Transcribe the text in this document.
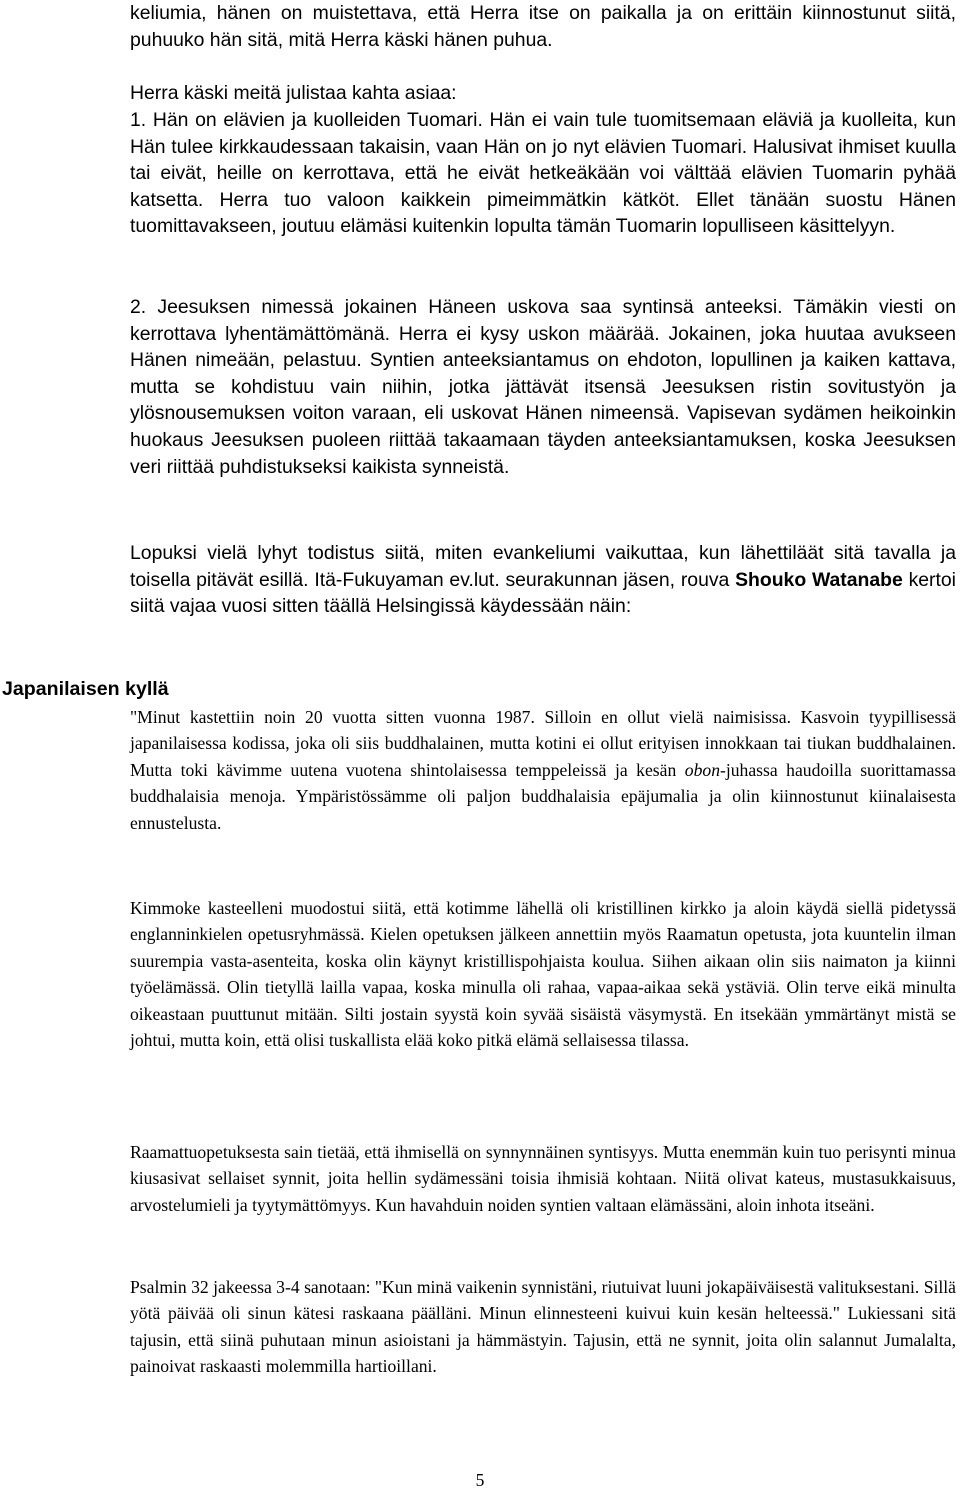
keliumia, hänen on muistettava, että Herra itse on paikalla ja on erittäin kiinnostunut siitä, puhuuko hän sitä, mitä Herra käski hänen puhua.

Herra käski meitä julistaa kahta asiaa:

1. Hän on elävien ja kuolleiden Tuomari. Hän ei vain tule tuomitsemaan eläviä ja kuolleita, kun Hän tulee kirkkaudessaan takaisin, vaan Hän on jo nyt elävien Tuomari. Halusivat ihmiset kuulla tai eivät, heille on kerrottava, että he eivät hetkeäkään voi välttää elävien Tuomarin pyhää katsetta. Herra tuo valoon kaikkein pimeimmätkin kätköt. Ellet tänään suostu Hänen tuomittavakseen, joutuu elämäsi kuitenkin lopulta tämän Tuomarin lopulliseen käsittelyyn.

2. Jeesuksen nimessä jokainen Häneen uskova saa syntinsä anteeksi. Tämäkin viesti on kerrottava lyhentämättömänä. Herra ei kysy uskon määrää. Jokainen, joka huutaa avukseen Hänen nimeään, pelastuu. Syntien anteeksiantamus on ehdoton, lopullinen ja kaiken kattava, mutta se kohdistuu vain niihin, jotka jättävät itsensä Jeesuksen ristin sovitustyön ja ylösnousemuksen voiton varaan, eli uskovat Hänen nimeensä. Vapisevan sydämen heikoinkin huokaus Jeesuksen puoleen riittää takaamaan täyden anteeksiantamuksen, koska Jeesuksen veri riittää puhdistukseksi kaikista synneistä.

Lopuksi vielä lyhyt todistus siitä, miten evankeliumi vaikuttaa, kun lähettiläät sitä tavalla ja toisella pitävät esillä. Itä-Fukuyaman ev.lut. seurakunnan jäsen, rouva Shouko Watanabe kertoi siitä vajaa vuosi sitten täällä Helsingissä käydessään näin:

Japanilaisen kyllä

"Minut kastettiin noin 20 vuotta sitten vuonna 1987. Silloin en ollut vielä naimisissa. Kasvoin tyypillisessä japanilaisessa kodissa, joka oli siis buddhalainen, mutta kotini ei ollut erityisen innokkaan tai tiukan buddhalainen. Mutta toki kävimme uutena vuotena shintolaisessa temppeleissä ja kesän obon-juhassa haudoilla suorittamassa buddhalaisia menoja. Ympäristössämme oli paljon buddhalaisia epäjumalia ja olin kiinnostunut kiinalaisesta ennustelusta.

Kimmoke kasteelleni muodostui siitä, että kotimme lähellä oli kristillinen kirkko ja aloin käydä siellä pidetyssä englanninkielen opetusryhmässä. Kielen opetuksen jälkeen annettiin myös Raamatun opetusta, jota kuuntelin ilman suurempia vasta-asenteita, koska olin käynyt kristillispohjaista koulua. Siihen aikaan olin siis naimaton ja kiinni työelämässä. Olin tietyllä lailla vapaa, koska minulla oli rahaa, vapaa-aikaa sekä ystäviä. Olin terve eikä minulta oikeastaan puuttunut mitään. Silti jostain syystä koin syvää sisäistä väsymystä. En itsekään ymmärtänyt mistä se johtui, mutta koin, että olisi tuskallista elää koko pitkä elämä sellaisessa tilassa.

Raamattuopetuksesta sain tietää, että ihmisellä on synnynnäinen syntisyys. Mutta enemmän kuin tuo perisynti minua kiusasivat sellaiset synnit, joita hellin sydämessäni toisia ihmisiä kohtaan. Niitä olivat kateus, mustasukkaisuus, arvostelumieli ja tyytymättömyys. Kun havahduin noiden syntien valtaan elämässäni, aloin inhota itseäni.

Psalmin 32 jakeessa 3-4 sanotaan: "Kun minä vaikenin synnistäni, riutuivat luuni jokapäiväisestä valituksestani. Sillä yötä päivää oli sinun kätesi raskaana päälläni. Minun elinnesteeni kuivui kuin kesän helteessä." Lukiessani sitä tajusin, että siinä puhutaan minun asioistani ja hämmästyin. Tajusin, että ne synnit, joita olin salannut Jumalalta, painoivat raskaasti molemmilla hartioillani.

5
